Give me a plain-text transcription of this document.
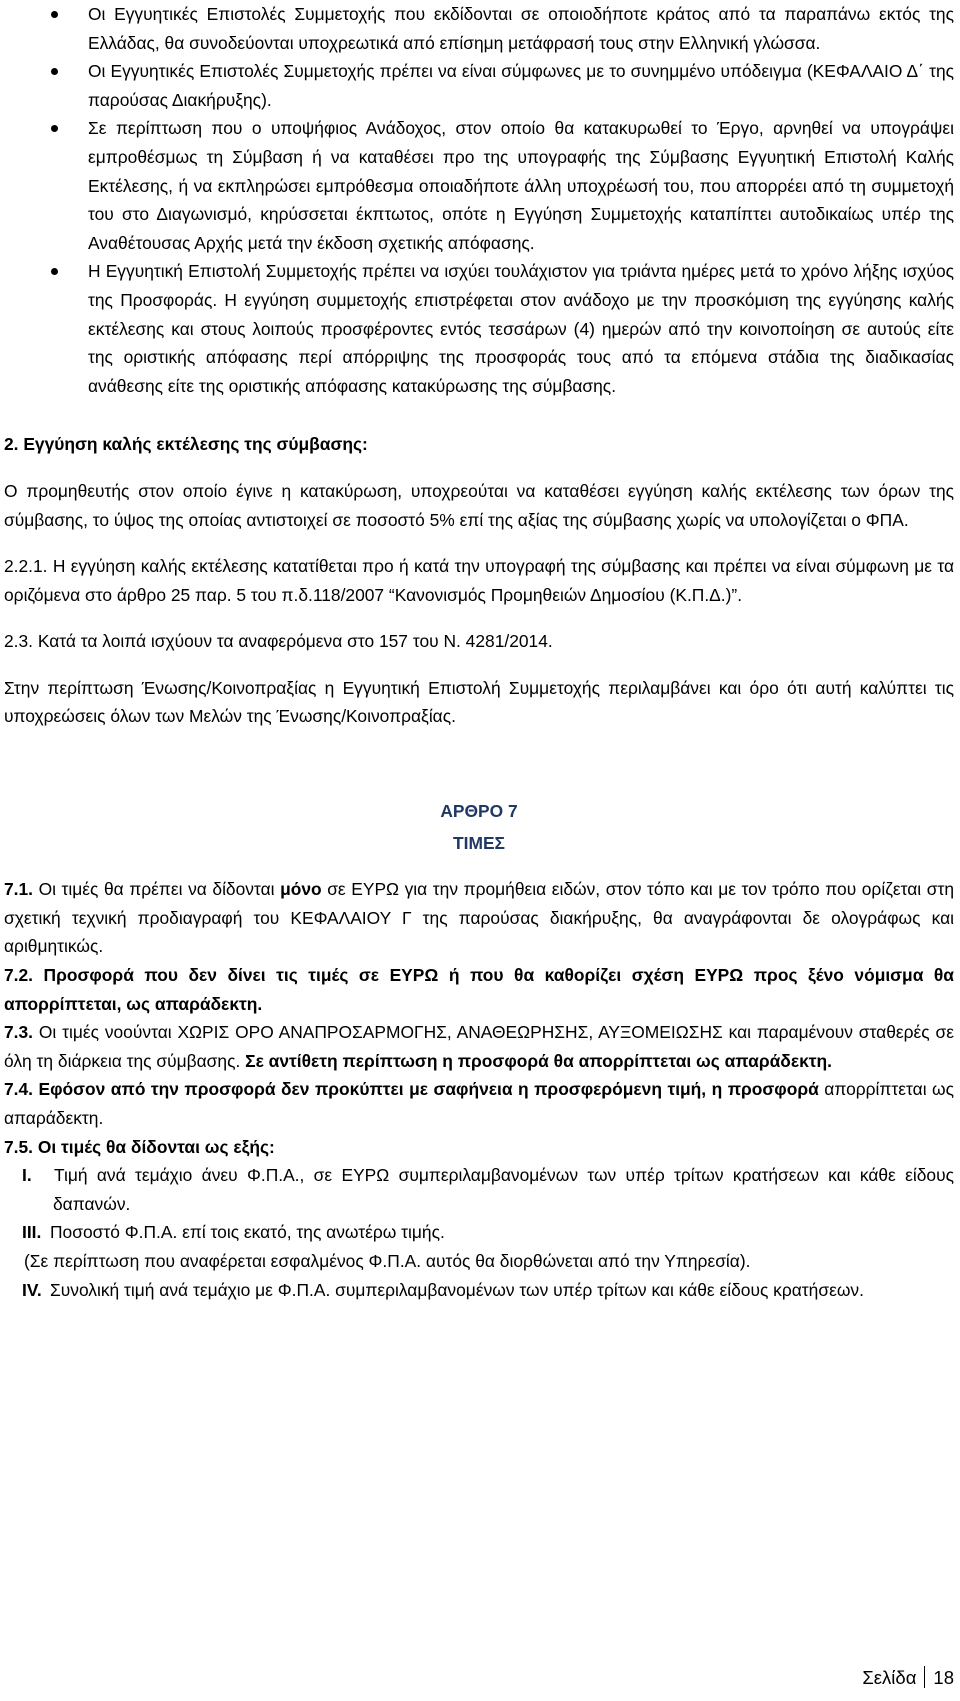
Οι Εγγυητικές Επιστολές Συμμετοχής που εκδίδονται σε οποιοδήποτε κράτος από τα παραπάνω εκτός της Ελλάδας, θα συνοδεύονται υποχρεωτικά από επίσημη μετάφρασή τους στην Ελληνική γλώσσα.
Οι Εγγυητικές Επιστολές Συμμετοχής πρέπει να είναι σύμφωνες με το συνημμένο υπόδειγμα (ΚΕΦΑΛΑΙΟ Δ΄ της παρούσας Διακήρυξης).
Σε περίπτωση που ο υποψήφιος Ανάδοχος, στον οποίο θα κατακυρωθεί το Έργο, αρνηθεί να υπογράψει εμπροθέσμως τη Σύμβαση ή να καταθέσει προ της υπογραφής της Σύμβασης Εγγυητική Επιστολή Καλής Εκτέλεσης, ή να εκπληρώσει εμπρόθεσμα οποιαδήποτε άλλη υποχρέωσή του, που απορρέει από τη συμμετοχή του στο Διαγωνισμό, κηρύσσεται έκπτωτος, οπότε η Εγγύηση Συμμετοχής καταπίπτει αυτοδικαίως υπέρ της Αναθέτουσας Αρχής μετά την έκδοση σχετικής απόφασης.
Η Εγγυητική Επιστολή Συμμετοχής πρέπει να ισχύει τουλάχιστον για τριάντα ημέρες μετά το χρόνο λήξης ισχύος της Προσφοράς. Η εγγύηση συμμετοχής επιστρέφεται στον ανάδοχο με την προσκόμιση της εγγύησης καλής εκτέλεσης και στους λοιπούς προσφέροντες εντός τεσσάρων (4) ημερών από την κοινοποίηση σε αυτούς είτε της οριστικής απόφασης περί απόρριψης της προσφοράς τους από τα επόμενα στάδια της διαδικασίας ανάθεσης είτε της οριστικής απόφασης κατακύρωσης της σύμβασης.

2. Εγγύηση καλής εκτέλεσης της σύμβασης:

Ο προμηθευτής στον οποίο έγινε η κατακύρωση, υποχρεούται να καταθέσει εγγύηση καλής εκτέλεσης των όρων της σύμβασης, το ύψος της οποίας αντιστοιχεί σε ποσοστό 5% επί της αξίας της σύμβασης χωρίς να υπολογίζεται ο ΦΠΑ.

2.2.1. Η εγγύηση καλής εκτέλεσης κατατίθεται προ ή κατά την υπογραφή της σύμβασης και πρέπει να είναι σύμφωνη με τα οριζόμενα στο άρθρο 25 παρ. 5 του π.δ.118/2007 “Κανονισμός Προμηθειών Δημοσίου (Κ.Π.Δ.)”.

2.3. Κατά τα λοιπά ισχύουν τα αναφερόμενα στο 157 του Ν. 4281/2014.

Στην περίπτωση Ένωσης/Κοινοπραξίας η Εγγυητική Επιστολή Συμμετοχής περιλαμβάνει και όρο ότι αυτή καλύπτει τις υποχρεώσεις όλων των Μελών της Ένωσης/Κοινοπραξίας.

ΑΡΘΡΟ 7

ΤΙΜΕΣ

7.1. Οι τιμές θα πρέπει να δίδονται μόνο σε ΕΥΡΩ για την προμήθεια ειδών, στον τόπο και με τον τρόπο που ορίζεται στη σχετική τεχνική προδιαγραφή του ΚΕΦΑΛΑΙΟΥ Γ της παρούσας διακήρυξης, θα αναγράφονται δε ολογράφως και αριθμητικώς.

7.2. Προσφορά που δεν δίνει τις τιμές σε ΕΥΡΩ ή που θα καθορίζει σχέση ΕΥΡΩ προς ξένο νόμισμα θα απορρίπτεται, ως απαράδεκτη.

7.3. Οι τιμές νοούνται ΧΩΡΙΣ ΟΡΟ ΑΝΑΠΡΟΣΑΡΜΟΓΗΣ, ΑΝΑΘΕΩΡΗΣΗΣ, ΑΥΞΟΜΕΙΩΣΗΣ και παραμένουν σταθερές σε όλη τη διάρκεια της σύμβασης. Σε αντίθετη περίπτωση η προσφορά θα απορρίπτεται ως απαράδεκτη.

7.4. Εφόσον από την προσφορά δεν προκύπτει με σαφήνεια η προσφερόμενη τιμή, η προσφορά απορρίπτεται ως απαράδεκτη.

7.5. Οι τιμές θα δίδονται ως εξής:

I. Τιμή ανά τεμάχιο άνευ Φ.Π.Α., σε ΕΥΡΩ συμπεριλαμβανομένων των υπέρ τρίτων κρατήσεων και κάθε είδους δαπανών.
III. Ποσοστό Φ.Π.Α. επί τοις εκατό, της ανωτέρω τιμής.
(Σε περίπτωση που αναφέρεται εσφαλμένος Φ.Π.Α. αυτός θα διορθώνεται από την Υπηρεσία).
IV. Συνολική τιμή ανά τεμάχιο με Φ.Π.Α. συμπεριλαμβανομένων των υπέρ τρίτων και κάθε είδους κρατήσεων.
Σελίδα 18
